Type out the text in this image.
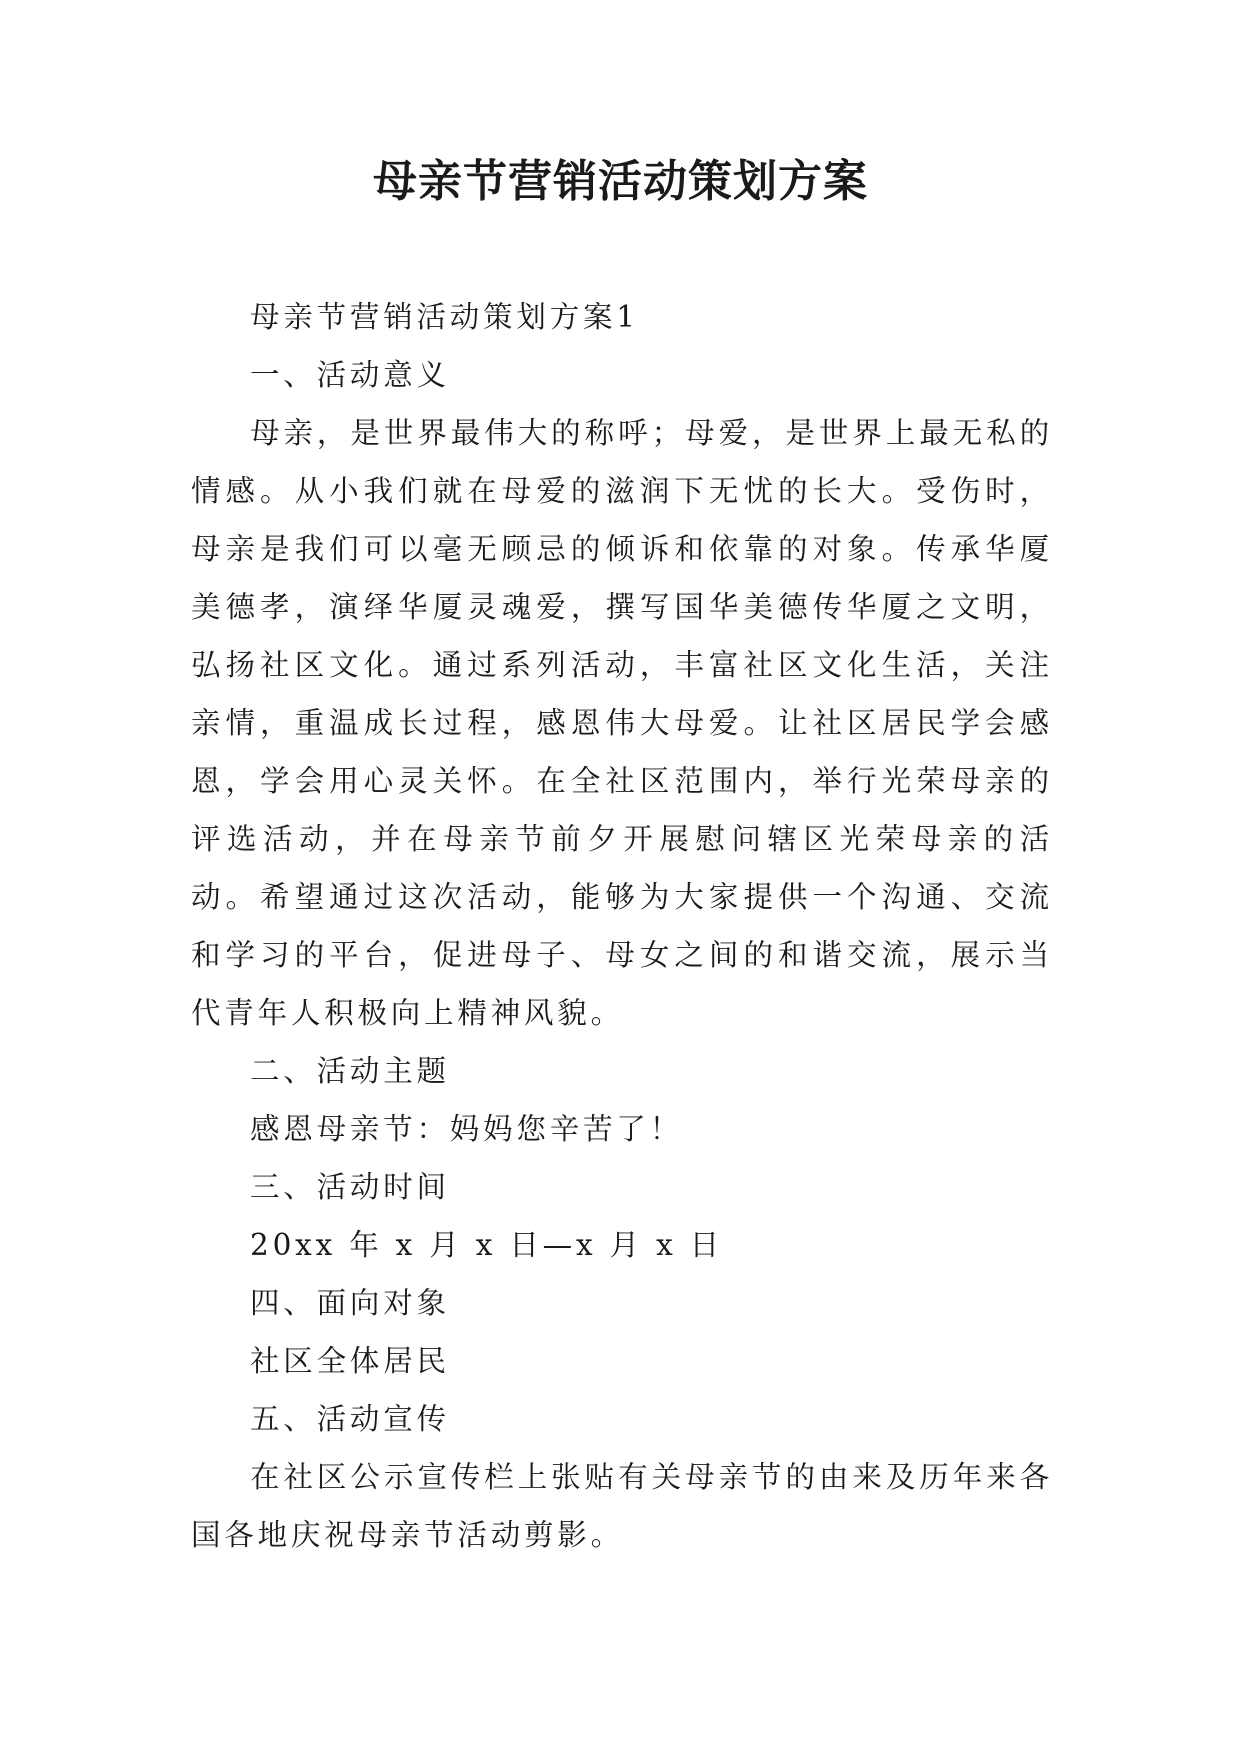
母亲节营销活动策划方案

母亲节营销活动策划方案1

一、活动意义

母亲，是世界最伟大的称呼；母爱，是世界上最无私的情感。从小我们就在母爱的滋润下无忧的长大。受伤时，母亲是我们可以毫无顾忌的倾诉和依靠的对象。传承华厦美德孝，演绎华厦灵魂爱，撰写国华美德传华厦之文明，弘扬社区文化。通过系列活动，丰富社区文化生活，关注亲情，重温成长过程，感恩伟大母爱。让社区居民学会感恩，学会用心灵关怀。在全社区范围内，举行光荣母亲的评选活动，并在母亲节前夕开展慰问辖区光荣母亲的活动。希望通过这次活动，能够为大家提供一个沟通、交流和学习的平台，促进母子、母女之间的和谐交流，展示当代青年人积极向上精神风貌。

二、活动主题

感恩母亲节：妈妈您辛苦了！

三、活动时间

20xx 年 x 月 x 日—x 月 x 日

四、面向对象

社区全体居民

五、活动宣传

在社区公示宣传栏上张贴有关母亲节的由来及历年来各国各地庆祝母亲节活动剪影。
